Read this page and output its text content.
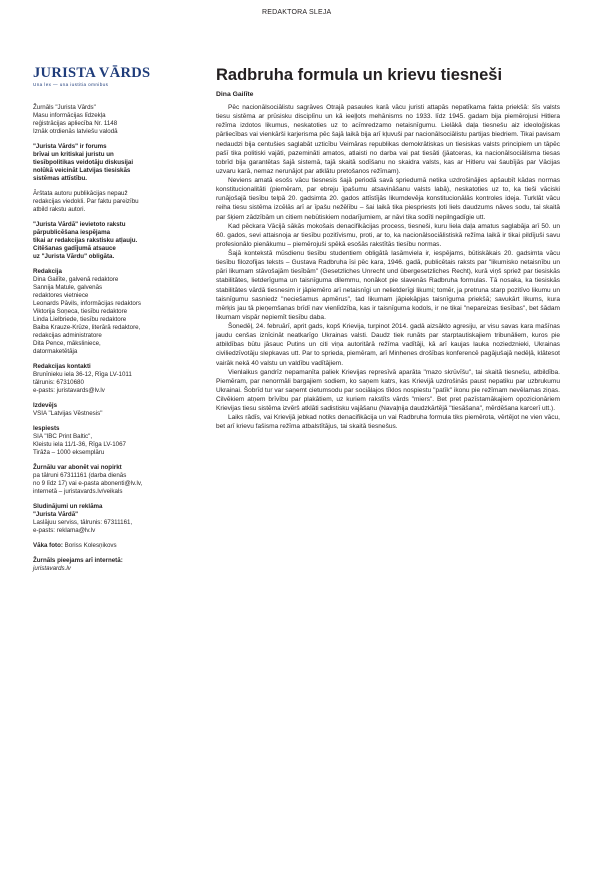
REDAKTORA SLEJA
JURISTA VĀRDS
Una lex — una iustitia omnibus
Žurnāls "Jurista Vārds"
Masu informācijas līdzekļa
reģistrācijas apliecība Nr. 1148
Iznāk otrdienās latviešu valodā
"Jurista Vārds" ir forums
brīvai un kritiskai juristu un
tiesībpolitikas veidotāju diskusijai
nolūkā veicināt Latvijas tiesiskās
sistēmas attīstību.
Ārštata autoru publikācijas nepauž
redakcijas viedokli. Par faktu pareizību
atbild rakstu autori.
"Jurista Vārdā" ievietoto rakstu
pārpublicēšana iespējama
tikai ar redakcijas rakstisku atļauju.
Citēšanas gadījumā atsauce
uz "Jurista Vārdu" obligāta.
Redakcija
Dina Gailīte, galvenā redaktore
Sannija Matule, galvenās
redaktores vietniece
Leonards Pāvils, informācijas redaktors
Viktorija Soņeca, tiesību redaktore
Linda Lielbriede, tiesību redaktore
Baiba Krauze-Krūze, literārā redaktore,
redakcijas administratore
Dita Pence, māksliniece,
datormaketētāja
Redakcijas kontakti
Brunīnieku iela 36-12, Rīga LV-1011
tālrunis: 67310680
e-pasts: juristavards@lv.lv
Izdevējs
VSIA "Latvijas Vēstnesis"
Iespiests
SIA "IBC Print Baltic",
Kleistu iela 11/1-36, Rīga LV-1067
Tirāža – 1000 eksemplāru
Žurnālu var abonēt vai nopirkt
pa tālruni 67311161 (darba dienās
no 9 līdz 17) vai e-pasta abonenti@lv.lv,
internetā – juristavards.lv/veikals
Sludinājumi un reklāma
"Jurista Vārdā"
Laslājuu serviss, tālrunis: 67311161,
e-pasts: reklama@lv.lv
Vāka foto: Boriss Kolesņikovs
Žurnāls pieejams arī internetā:
juristavards.lv
Radbruha formula un krievu tiesneši
Dina Gailīte

Pēc nacionālsociālistu sagrāves Otrajā pasaules karā vācu juristi attapās nepatīkama fakta priekšā: šīs valsts tiesu sistēma ar prūsisku disciplīnu un kā ieeļļots mehānisms no 1933. līdz 1945. gadam bija piemērojusi Hitlera režīma izdotos likumus, neskatoties uz to acīmredzamo netaisnīgumu. Lielākā daļa tiesnešu aiz ideoloģiskas pārliecības vai vienkārši karjerisma pēc šajā laikā bija arī kļuvuši par nacionālsociālistu partijas biedriem. Tikai pavisam nedaudzi bija centušies saglabāt uzticību Veimāras republikas demokrātiskas un tiesiskas valsts principiem un tāpēc pašī tika politiski vajāti, pazemināti amatos, atlaisti no darba vai pat tiesāti (jāatceras, ka nacionālsociālisma tiesas tobrīd bija garantētas šajā sistemā, tajā skaitā sodīšanu no skaidra valsts, kas ar Hitleru vai šaubījās par Vācijas uzvaru karā, nemaz nerunājot par atklātu pretošanos režīmam).

Neviens amatā esošs vācu tiesnesis šajā periodā savā spriedumā netika uzdrošinājies apšaubīt kādas normas konstitucionalitāti (piemēram, par ebreju īpašumu atsavināšanu valsts labā), neskatoties uz to, ka tieši vāciski runājošajā tiesību telpā 20. gadsimta 20. gados attīstījās likumdevēja konstitucionālās kontroles ideja. Turklāt vācu reiha tiesu sistēma izcēlās arī ar īpašu nežēlību – šai laikā tika piespriests ļoti liels daudzums nāves sodu, tai skaitā par šķiem zādzībām un citiem nebūtiskiem nodarījumiem, ar nāvi tika sodīti nepilngadīgie utt.

Kad pēckara Vācijā sākās mokošais denacifikācijas process, tiesneši, kuru liela daļa amatus saglabāja arī 50. un 60. gados, sevi attaisnoja ar tiesību pozitīvismu, proti, ar to, ka nacionālsociālistiskā režīma laikā ir tikai pildījuši savu profesionālo pienākumu – piemērojuši spēkā esošās rakstītās tiesību normas.

Šajā kontekstā mūsdienu tiesību studentiem obligātā lasāmviela ir, iespējams, būtiskākais 20. gadsimta vācu tiesību filozofijas teksts – Gustava Radbruha īsi pēc kara, 1946. gadā, publicētais raksts par "likumisko netaisnību un pāri likumam stāvošajām tiesībām" (Gesetzliches Unrecht und übergesetzliches Recht), kurā viņš spriež par tiesiskās stabilitātes, lietderīguma un taisnīguma dilemmu, nonākot pie slavenās Radbruha formulas. Tā nosaka, ka tiesiskās stabilitātes vārdā tiesnesim ir jāpiemēro arī netaisnīgi un nelietderīgi likumi; tomēr, ja pretruna starp pozitīvo likumu un taisnīgumu sasniedz "neciešamus apmērus", tad likumam jāpiekāpjas taisnīguma priekšā; savukārt likums, kura mērķis jau tā pieņemšanas brīdī nav vienlīdzība, kas ir taisnīguma kodols, ir ne tikai "nepareizas tiesības", bet šādam likumam vispār nepiemīt tiesību daba.

Šonedēļ, 24. februārī, aprit gads, kopš Krievija, turpinot 2014. gadā aizsākto agresiju, ar visu savas kara mašīnas jaudu cenšas iznīcināt neatkarīgo Ukrainas valsti. Daudz tiek runāts par starptautiskajiem tribunāliem, kuros pie atbildības būtu jāsauc Putins un citi viņa autoritārā režīma vadītāji, kā arī kaujas lauka noziedznieki, Ukrainas civiliedzīvotāju slepkavas utt. Par to sprieda, piemēram, arī Minhenes drošības konferencē pagājušajā nedēļā, klātesot vairāk nekā 40 valstu un valdību vadītājiem.

Vienlaikus gandrīz nepamanīta paliek Krievijas represīvā aparāta "mazo skrūvīšu", tai skaitā tiesnešu, atbildība. Piemēram, par nenormāli bargajiem sodiem, ko saņem katrs, kas Krievijā uzdrošinās paust nepatiku par uzbrukumu Ukrainai. Šobrīd tur var saņemt cietumsodu par sociālajos tīklos nospiestu "patīk" ikonu pie režīmam nevēlamas ziņas. Cilvēkiem atņem brīvību par plakātiem, uz kuriem rakstīts vārds "miers". Bet pret pazīstamākajiem opozicionāriem Krievijas tiesu sistēma izvērš atklāti sadistisku vajāšanu (Navaļnija daudzkārtējā "tiesāšana", mērdēšana karcerī utt.).

Laiks rādīs, vai Krievijā jebkad notiks denacifikācija un vai Radbruha formula tiks piemērota, vērtējot ne vien vācu, bet arī krievu fašisma režīma atbalstītājus, tai skaitā tiesnešus.
